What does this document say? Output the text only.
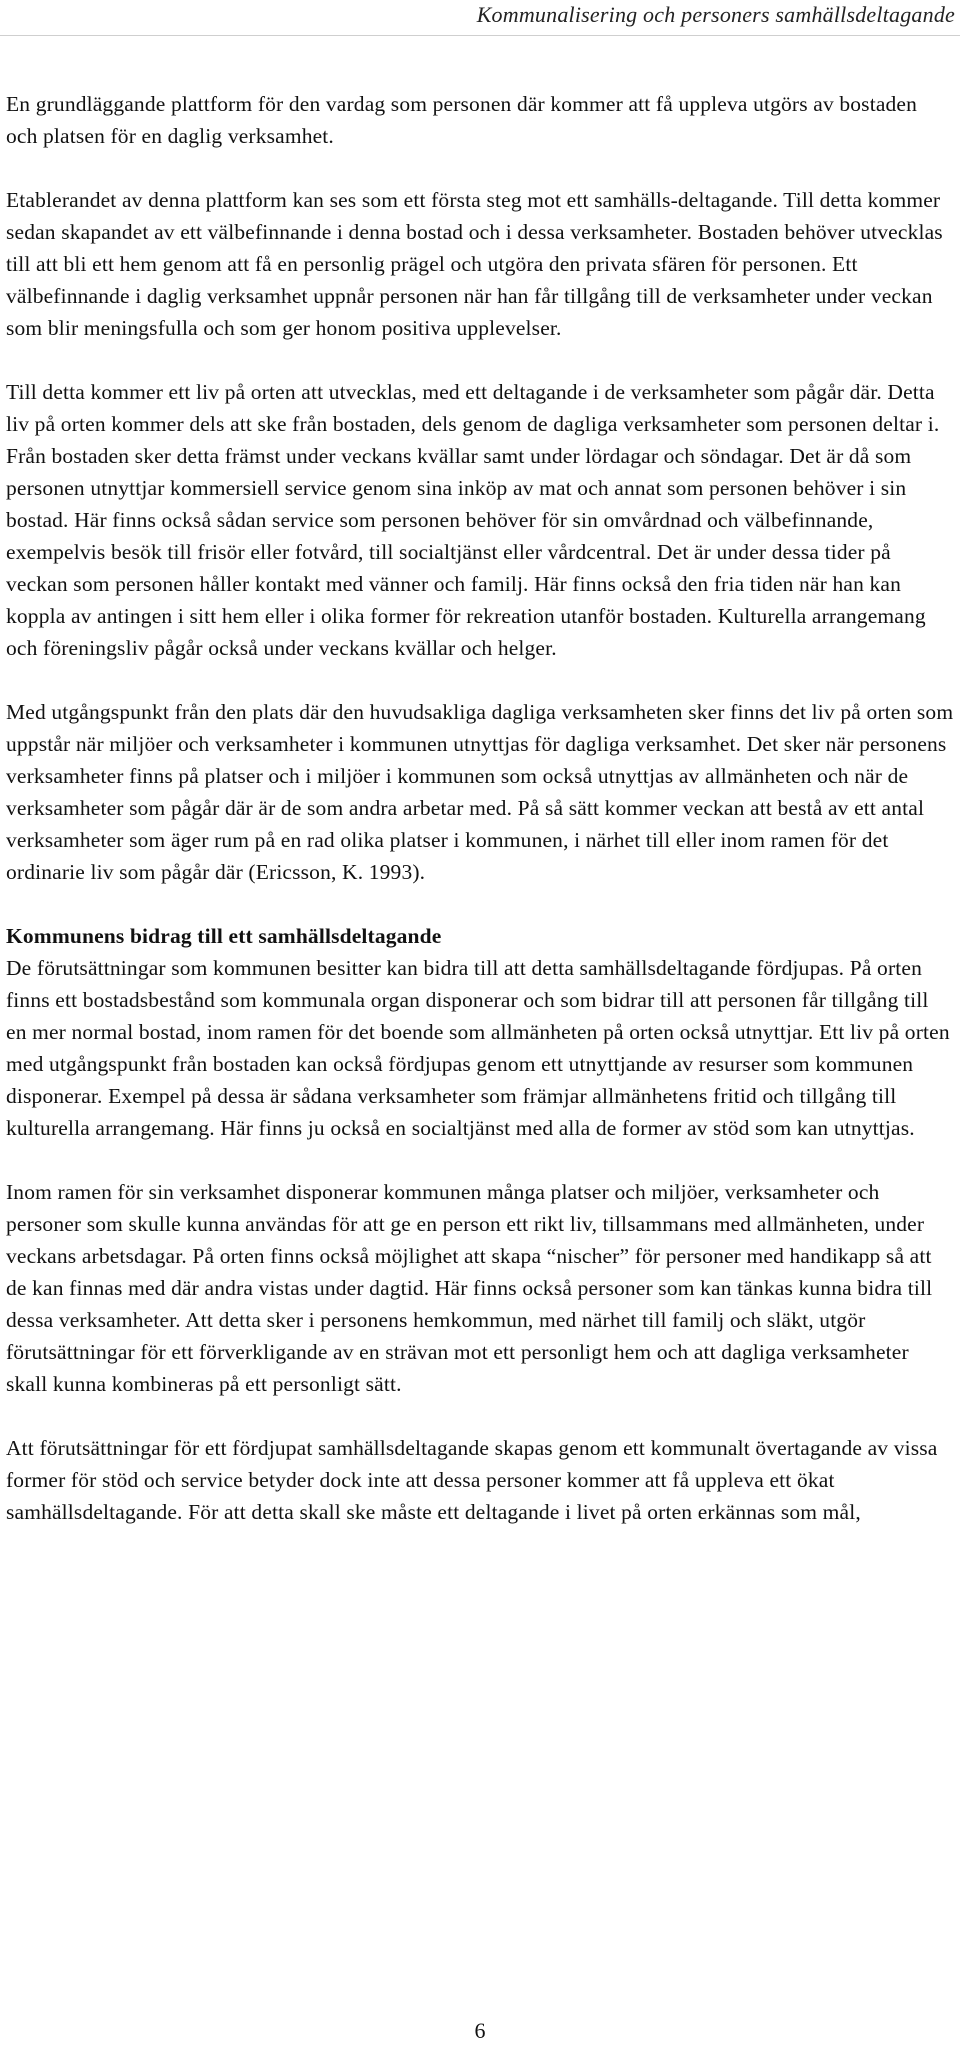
Kommunalisering och personers samhällsdeltagande

En grundläggande plattform för den vardag som personen där kommer att få uppleva utgörs av bostaden och platsen för en daglig verksamhet.

Etablerandet av denna plattform kan ses som ett första steg mot ett samhälls-deltagande. Till detta kommer sedan skapandet av ett välbefinnande i denna bostad och i dessa verksamheter. Bostaden behöver utvecklas till att bli ett hem genom att få en personlig prägel och utgöra den privata sfären för personen. Ett välbefinnande i daglig verksamhet uppnår personen när han får tillgång till de verksamheter under veckan som blir meningsfulla och som ger honom positiva upplevelser.

Till detta kommer ett liv på orten att utvecklas, med ett deltagande i de verksamheter som pågår där. Detta liv på orten kommer dels att ske från bostaden, dels genom de dagliga verksamheter som personen deltar i. Från bostaden sker detta främst under veckans kvällar samt under lördagar och söndagar. Det är då som personen utnyttjar kommersiell service genom sina inköp av mat och annat som personen behöver i sin bostad. Här finns också sådan service som personen behöver för sin omvårdnad och välbefinnande, exempelvis besök till frisör eller fotvård, till socialtjänst eller vårdcentral. Det är under dessa tider på veckan som personen håller kontakt med vänner och familj. Här finns också den fria tiden när han kan koppla av antingen i sitt hem eller i olika former för rekreation utanför bostaden. Kulturella arrangemang och föreningsliv pågår också under veckans kvällar och helger.

Med utgångspunkt från den plats där den huvudsakliga dagliga verksamheten sker finns det liv på orten som uppstår när miljöer och verksamheter i kommunen utnyttjas för dagliga verksamhet. Det sker när personens verksamheter finns på platser och i miljöer i kommunen som också utnyttjas av allmänheten och när de verksamheter som pågår där är de som andra arbetar med. På så sätt kommer veckan att bestå av ett antal verksamheter som äger rum på en rad olika platser i kommunen, i närhet till eller inom ramen för det ordinarie liv som pågår där (Ericsson, K. 1993).

Kommunens bidrag till ett samhällsdeltagande

De förutsättningar som kommunen besitter kan bidra till att detta samhällsdeltagande fördjupas. På orten finns ett bostadsbestånd som kommunala organ disponerar och som bidrar till att personen får tillgång till en mer normal bostad, inom ramen för det boende som allmänheten på orten också utnyttjar. Ett liv på orten med utgångspunkt från bostaden kan också fördjupas genom ett utnyttjande av resurser som kommunen disponerar. Exempel på dessa är sådana verksamheter som främjar allmänhetens fritid och tillgång till kulturella arrangemang. Här finns ju också en socialtjänst med alla de former av stöd som kan utnyttjas.

Inom ramen för sin verksamhet disponerar kommunen många platser och miljöer, verksamheter och personer som skulle kunna användas för att ge en person ett rikt liv, tillsammans med allmänheten, under veckans arbetsdagar. På orten finns också möjlighet att skapa “nischer” för personer med handikapp så att de kan finnas med där andra vistas under dagtid. Här finns också personer som kan tänkas kunna bidra till dessa verksamheter. Att detta sker i personens hemkommun, med närhet till familj och släkt, utgör förutsättningar för ett förverkligande av en strävan mot ett personligt hem och att dagliga verksamheter skall kunna kombineras på ett personligt sätt.

Att förutsättningar för ett fördjupat samhällsdeltagande skapas genom ett kommunalt övertagande av vissa former för stöd och service betyder dock inte att dessa personer kommer att få uppleva ett ökat samhällsdeltagande. För att detta skall ske måste ett deltagande i livet på orten erkännas som mål,

6
